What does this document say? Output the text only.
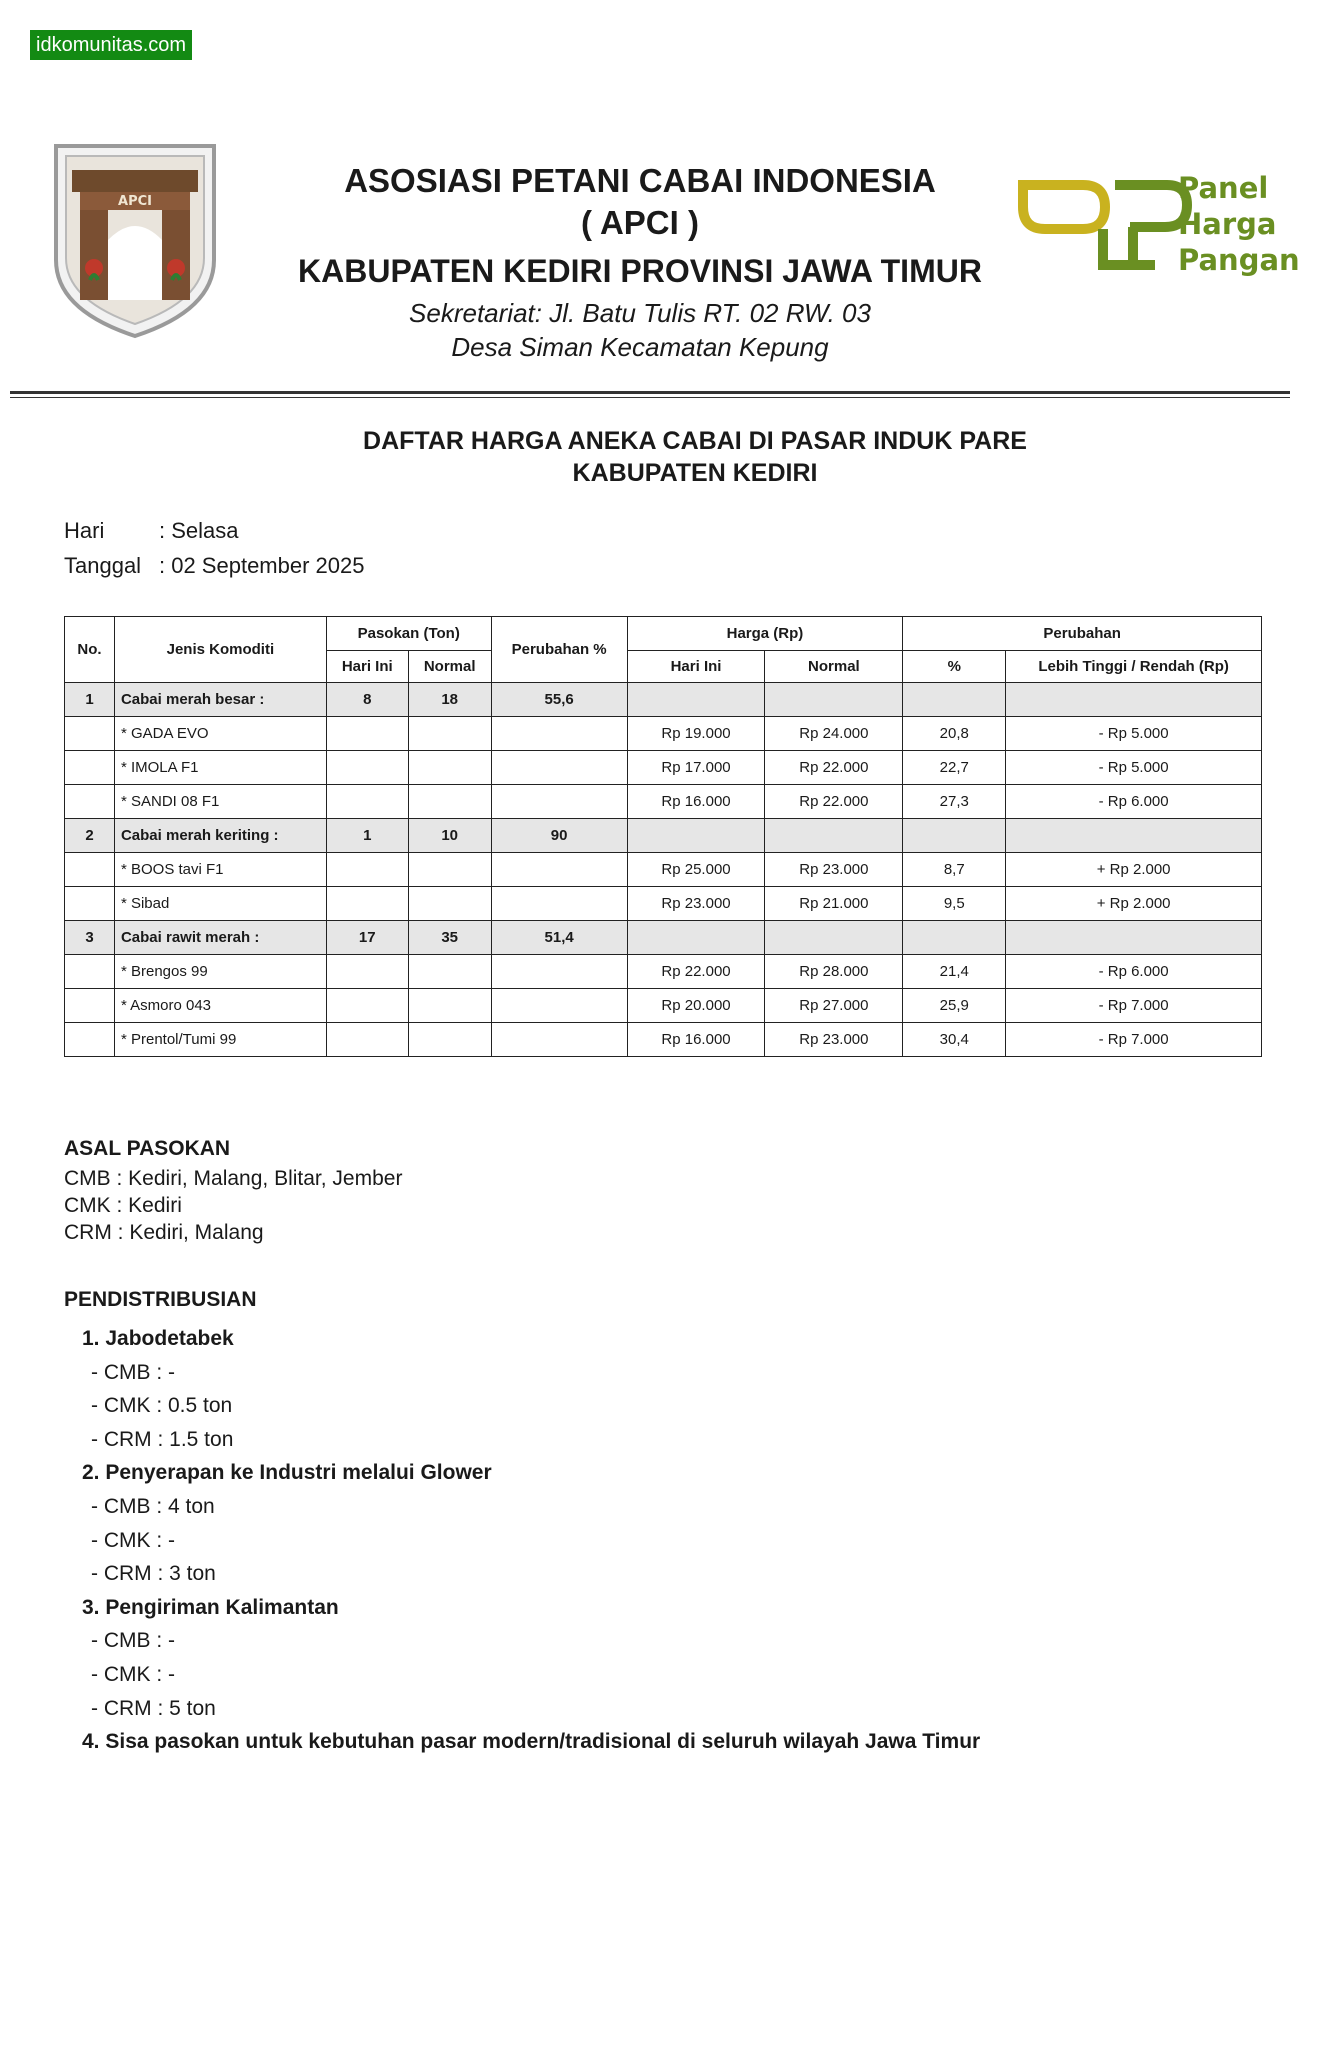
idkomunitas.com
APCI	Panel
Harga
Pangan
ASOSIASI PETANI CABAI INDONESIA
( APCI )
KABUPATEN KEDIRI PROVINSI JAWA TIMUR
Sekretariat: Jl. Batu Tulis RT. 02 RW. 03
Desa Siman Kecamatan Kepung
DAFTAR HARGA ANEKA CABAI DI PASAR INDUK PARE
KABUPATEN KEDIRI
Hari : Selasa
Tanggal : 02 September 2025
No.	Jenis Komoditi	Pasokan (Ton)		Perubahan %	Harga (Rp)		Perubahan	
		Hari Ini	Normal		Hari Ini	Normal	%	Lebih Tinggi / Rendah (Rp)
1	Cabai merah besar :	8	18	55,6				
	* GADA EVO				Rp 19.000	Rp 24.000	20,8	- Rp 5.000
	* IMOLA F1				Rp 17.000	Rp 22.000	22,7	- Rp 5.000
	* SANDI 08 F1				Rp 16.000	Rp 22.000	27,3	- Rp 6.000
2	Cabai merah keriting :	1	10	90				
	* BOOS tavi F1				Rp 25.000	Rp 23.000	8,7	+ Rp 2.000
	* Sibad				Rp 23.000	Rp 21.000	9,5	+ Rp 2.000
3	Cabai rawit merah :	17	35	51,4				
	* Brengos 99				Rp 22.000	Rp 28.000	21,4	- Rp 6.000
	* Asmoro 043				Rp 20.000	Rp 27.000	25,9	- Rp 7.000
	* Prentol/Tumi 99				Rp 16.000	Rp 23.000	30,4	- Rp 7.000
ASAL PASOKAN
CMB : Kediri, Malang, Blitar, Jember
CMK : Kediri
CRM : Kediri, Malang
PENDISTRIBUSIAN
1. Jabodetabek
- CMB : -
- CMK : 0.5 ton
- CRM : 1.5 ton
2. Penyerapan ke Industri melalui Glower
- CMB : 4 ton
- CMK : -
- CRM : 3 ton
3. Pengiriman Kalimantan
- CMB : -
- CMK : -
- CRM : 5 ton
4. Sisa pasokan untuk kebutuhan pasar modern/tradisional di seluruh wilayah Jawa Timur
